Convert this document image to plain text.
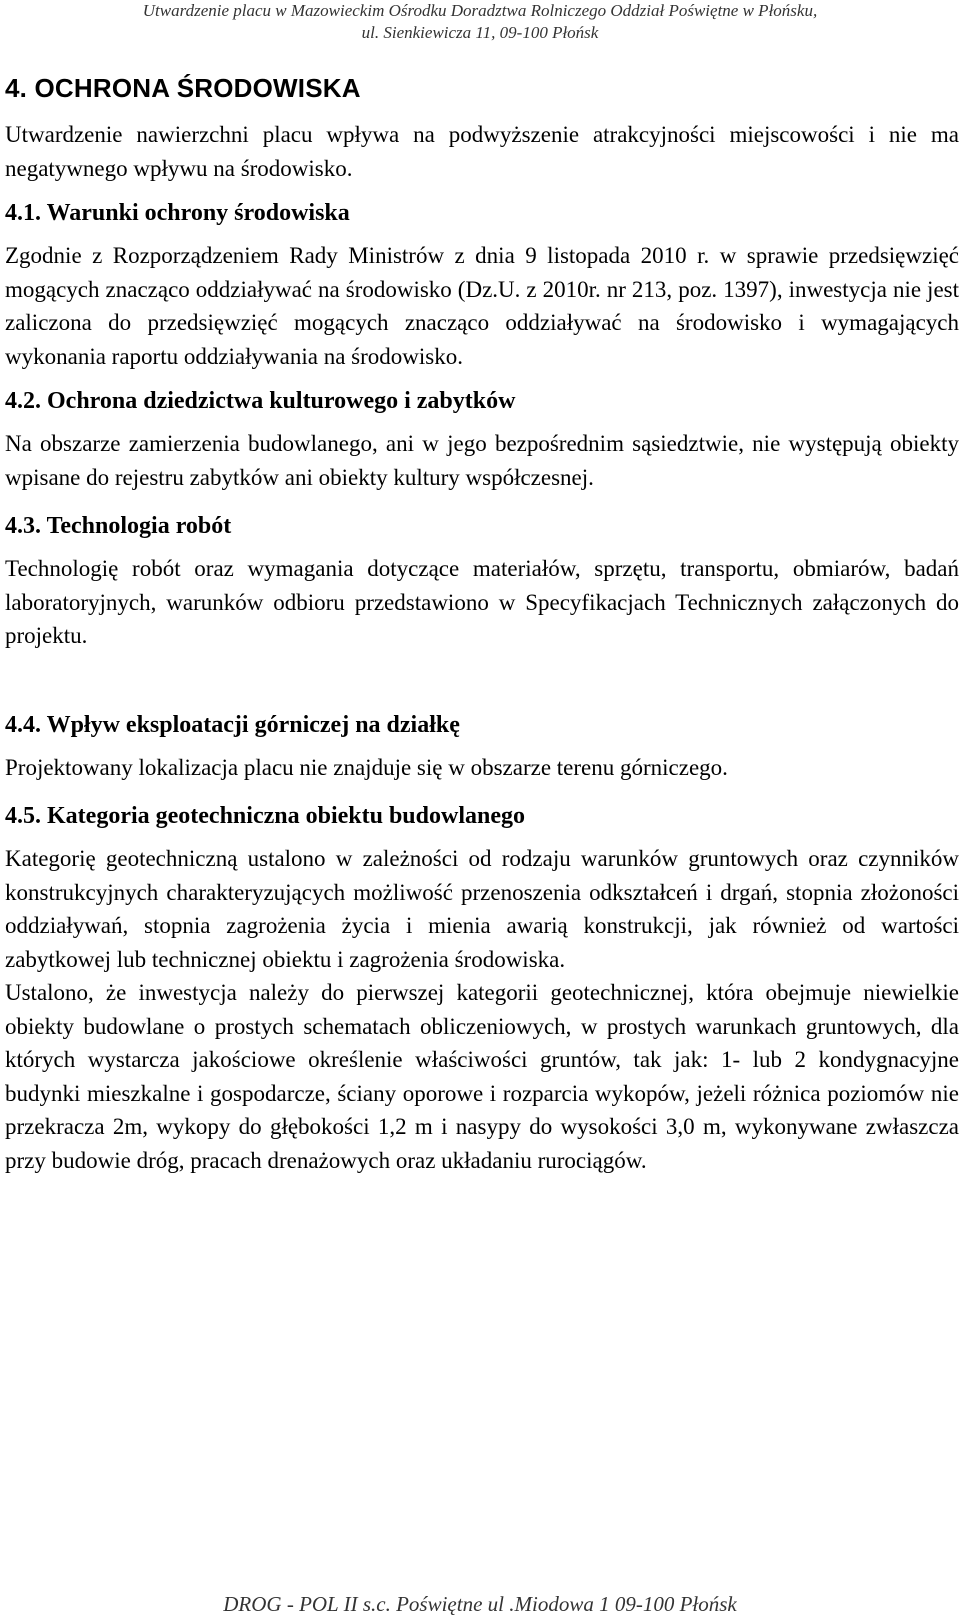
Utwardzenie placu w Mazowieckim Ośrodku Doradztwa Rolniczego Oddział Poświętne w Płońsku,
ul. Sienkiewicza 11, 09-100 Płońsk
4. OCHRONA ŚRODOWISKA

Utwardzenie nawierzchni placu wpływa na podwyższenie atrakcyjności miejscowości i nie ma negatywnego wpływu na środowisko.

4.1. Warunki ochrony środowiska

Zgodnie z Rozporządzeniem Rady Ministrów z dnia 9 listopada 2010 r. w sprawie przedsięwzięć mogących znacząco oddziaływać na środowisko (Dz.U. z 2010r. nr 213, poz. 1397), inwestycja nie jest zaliczona do przedsięwzięć mogących znacząco oddziaływać na środowisko i wymagających wykonania raportu oddziaływania na środowisko.

4.2. Ochrona dziedzictwa kulturowego i zabytków

Na obszarze zamierzenia budowlanego, ani w jego bezpośrednim sąsiedztwie, nie występują obiekty wpisane do rejestru zabytków ani obiekty kultury współczesnej.

4.3. Technologia robót

Technologię robót oraz wymagania dotyczące materiałów, sprzętu, transportu, obmiarów, badań laboratoryjnych, warunków odbioru przedstawiono w Specyfikacjach Technicznych załączonych do projektu.

4.4. Wpływ eksploatacji górniczej na działkę

Projektowany lokalizacja placu nie znajduje się w obszarze terenu górniczego.

4.5. Kategoria geotechniczna obiektu budowlanego

Kategorię geotechniczną ustalono w zależności od rodzaju warunków gruntowych oraz czynników konstrukcyjnych charakteryzujących możliwość przenoszenia odkształceń i drgań, stopnia złożoności oddziaływań, stopnia zagrożenia życia i mienia awarią konstrukcji, jak również od wartości zabytkowej lub technicznej obiektu i zagrożenia środowiska.

Ustalono, że inwestycja należy do pierwszej kategorii geotechnicznej, która obejmuje niewielkie obiekty budowlane o prostych schematach obliczeniowych, w prostych warunkach gruntowych, dla których wystarcza jakościowe określenie właściwości gruntów, tak jak: 1- lub 2 kondygnacyjne budynki mieszkalne i gospodarcze, ściany oporowe i rozparcia wykopów, jeżeli różnica poziomów nie przekracza 2m, wykopy do głębokości 1,2 m i nasypy do wysokości 3,0 m, wykonywane zwłaszcza przy budowie dróg, pracach drenażowych oraz układaniu rurociągów.

DROG - POL II s.c. Poświętne ul .Miodowa 1 09-100 Płońsk
